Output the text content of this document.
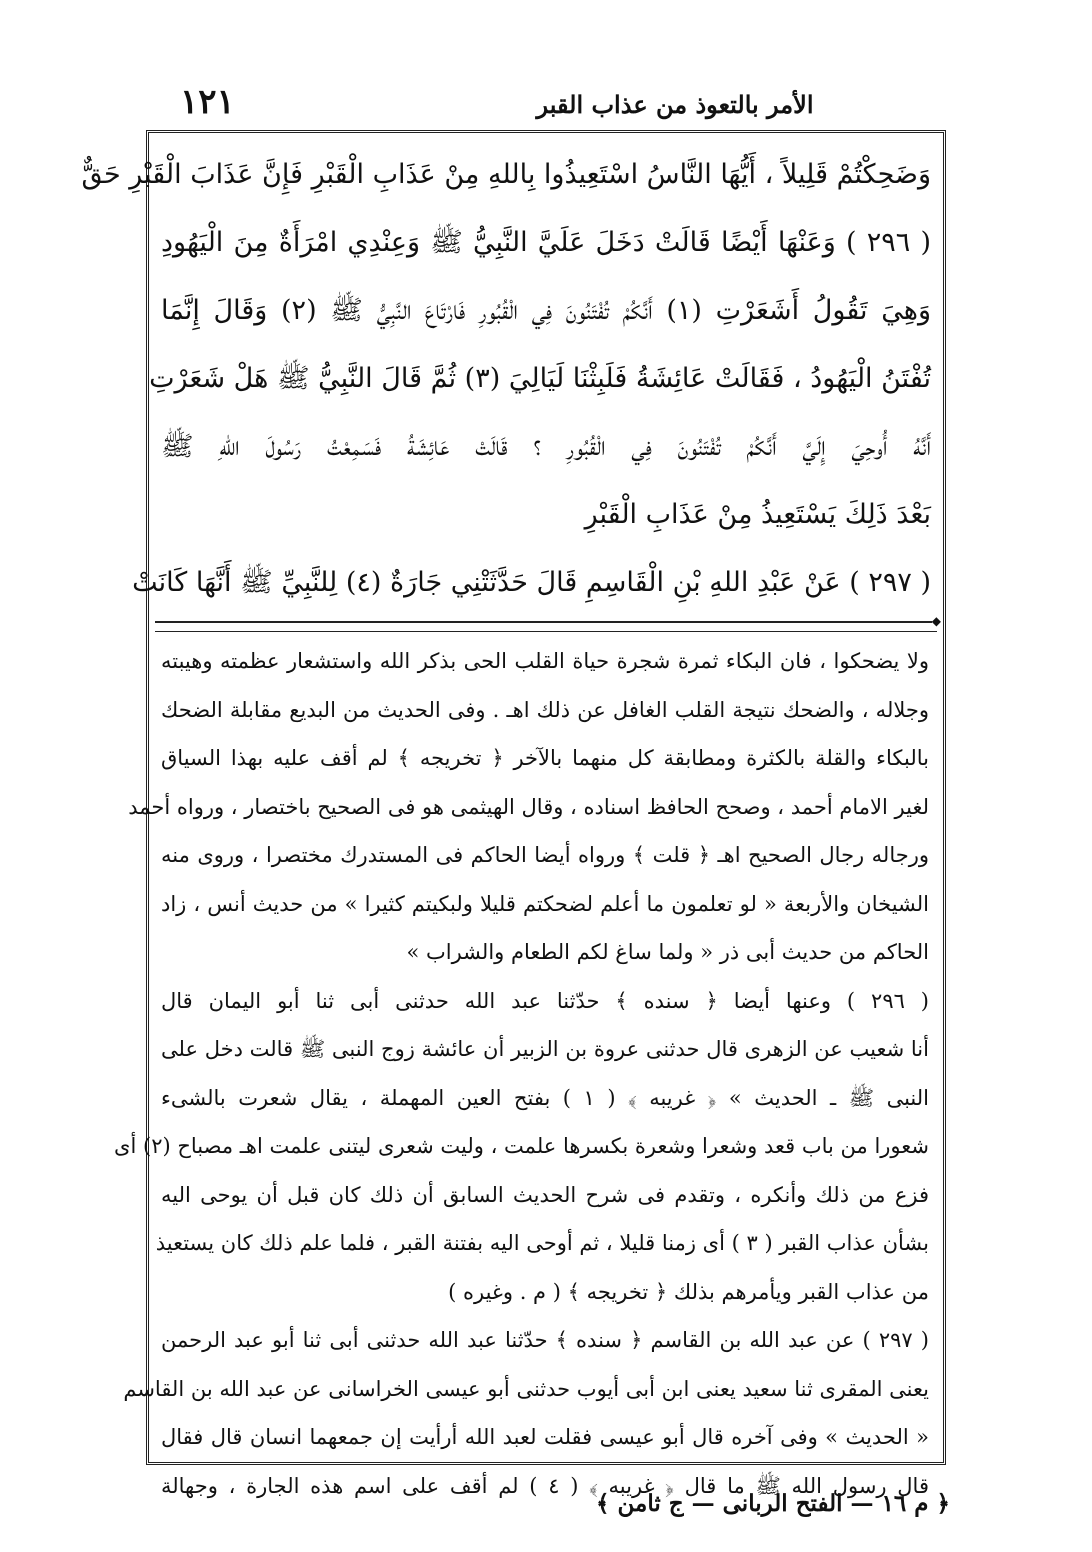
١٢١	الأمر بالتعوذ من عذاب القبر
وَضَحِكْتُمْ قَلِيلاً ، أَيُّهَا النَّاسُ اسْتَعِيذُوا بِاللهِ مِنْ عَذَابِ الْقَبْرِ فَإِنَّ عَذَابَ الْقَبْرِ حَقٌّ
( ٢٩٦ ) وَعَنْهَا أَيْضًا قَالَتْ دَخَلَ عَلَيَّ النَّبِيُّ ﷺ وَعِنْدِي امْرَأَةٌ مِنَ الْيَهُودِ
وَهِيَ تَقُولُ أَشَعَرْتِ (١) أَنَّكُمْ تُفْتَنُونَ فِي الْقُبُورِ فَارْتَاعَ النَّبِيُّ ﷺ (٢) وَقَالَ إِنَّمَا
تُفْتَنُ الْيَهُودُ ، فَقَالَتْ عَائِشَةُ فَلَبِثْنَا لَيَالِيَ (٣) ثُمَّ قَالَ النَّبِيُّ ﷺ هَلْ شَعَرْتِ
أَنَّهُ أُوحِيَ إِلَيَّ أَنَّكُمْ تُفْتَنُونَ فِي الْقُبُورِ ؟ قَالَتْ عَائِشَةُ فَسَمِعْتُ رَسُولَ اللهِ ﷺ
بَعْدَ ذَلِكَ يَسْتَعِيذُ مِنْ عَذَابِ الْقَبْرِ
( ٢٩٧ ) عَنْ عَبْدِ اللهِ بْنِ الْقَاسِمِ قَالَ حَدَّثَتْنِي جَارَةٌ (٤) لِلنَّبِيِّ ﷺ أَنَّهَا كَانَتْ
◆
ولا يضحكوا ، فان البكاء ثمرة شجرة حياة القلب الحى بذكر الله واستشعار عظمته وهيبته
وجلاله ، والضحك نتيجة القلب الغافل عن ذلك اهـ . وفى الحديث من البديع مقابلة الضحك
بالبكاء والقلة بالكثرة ومطابقة كل منهما بالآخر ﴿ تخريجه ﴾ لم أقف عليه بهذا السياق
لغير الامام أحمد ، وصحح الحافظ اسناده ، وقال الهيثمى هو فى الصحيح باختصار ، ورواه أحمد
ورجاله رجال الصحيح اهـ ﴿ قلت ﴾ ورواه أيضا الحاكم فى المستدرك مختصرا ، وروى منه
الشيخان والأربعة « لو تعلمون ما أعلم لضحكتم قليلا ولبكيتم كثيرا » من حديث أنس ، زاد
الحاكم من حديث أبى ذر « ولما ساغ لكم الطعام والشراب »
( ٢٩٦ ) وعنها أيضا ﴿ سنده ﴾ حدّثنا عبد الله حدثنى أبى ثنا أبو اليمان قال
أنا شعيب عن الزهرى قال حدثنى عروة بن الزبير أن عائشة زوج النبى ﷺ قالت دخل على
النبى ﷺ ـ الحديث » ﴿ غريبه ﴾ ( ١ ) بفتح العين المهملة ، يقال شعرت بالشىء
شعورا من باب قعد وشعرا وشعرة بكسرها علمت ، وليت شعرى ليتنى علمت اهـ مصباح (٢) أى
فزع من ذلك وأنكره ، وتقدم فى شرح الحديث السابق أن ذلك كان قبل أن يوحى اليه
بشأن عذاب القبر ( ٣ ) أى زمنا قليلا ، ثم أوحى اليه بفتنة القبر ، فلما علم ذلك كان يستعيذ
من عذاب القبر ويأمرهم بذلك ﴿ تخريجه ﴾ ( م . وغيره )
( ٢٩٧ ) عن عبد الله بن القاسم ﴿ سنده ﴾ حدّثنا عبد الله حدثنى أبى ثنا أبو عبد الرحمن
يعنى المقرى ثنا سعيد يعنى ابن أبى أيوب حدثنى أبو عيسى الخراسانى عن عبد الله بن القاسم
« الحديث » وفى آخره قال أبو عيسى فقلت لعبد الله أرأيت إن جمعهما انسان قال فقال
قال رسول الله ﷺ ما قال ﴿ غريبه ﴾ ( ٤ ) لم أقف على اسم هذه الجارة ، وجهالة
﴿ م ١٦ — الفتح الربانى — ج ثامن ﴾
